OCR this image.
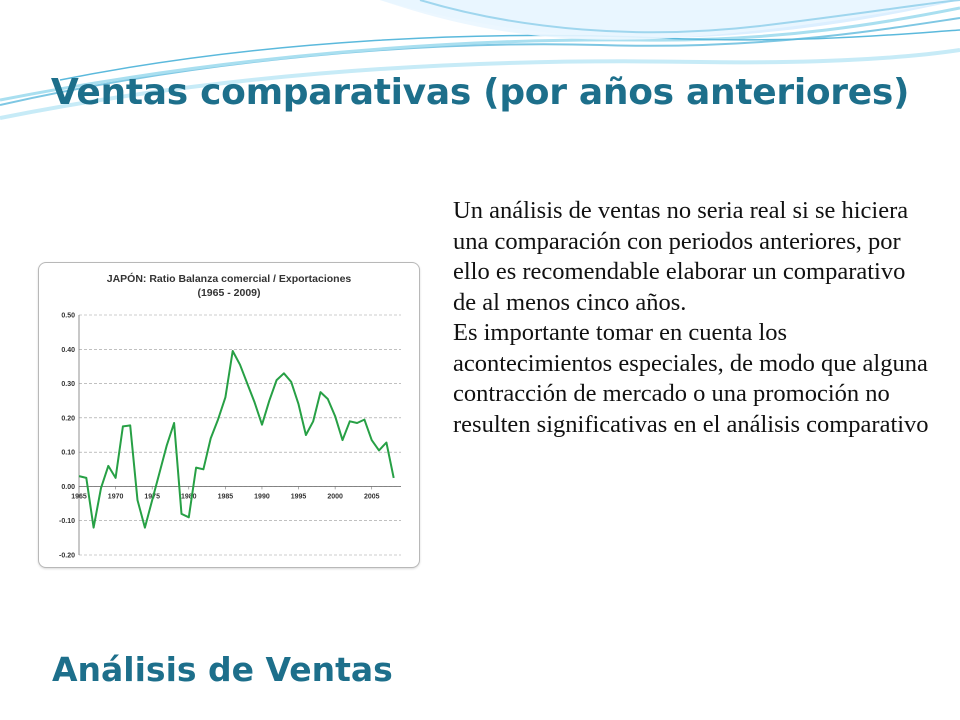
Ventas comparativas (por años anteriores)
JAPÓN: Ratio Balanza comercial / Exportaciones
(1965 - 2009)
0.50
0.40
0.30
0.20
0.10
0.00
-0.10
-0.20
1965	1970	1975	1980	1985	1990	1995	2000	2005

Un análisis de ventas no seria real si se hiciera una comparación con periodos anteriores, por ello es recomendable elaborar un comparativo de al menos cinco años.

Es importante tomar en cuenta los acontecimientos especiales, de modo que alguna contracción de mercado o una promoción no resulten significativas en el análisis comparativo

Análisis de Ventas
